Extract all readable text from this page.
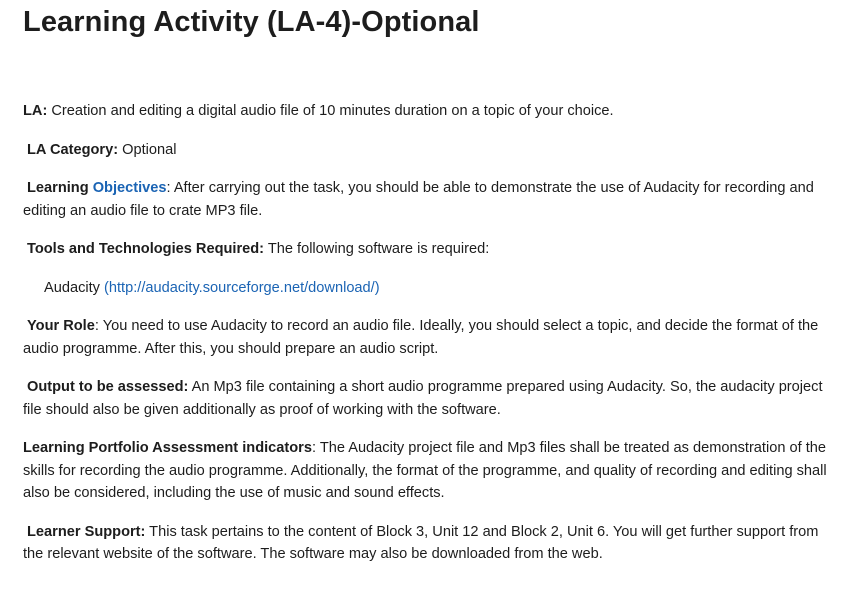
Learning Activity (LA-4)-Optional

LA: Creation and editing a digital audio file of 10 minutes duration on a topic of your choice.

LA Category: Optional

Learning Objectives: After carrying out the task, you should be able to demonstrate the use of Audacity for recording and editing an audio file to crate MP3 file.

Tools and Technologies Required: The following software is required:

Audacity (http://audacity.sourceforge.net/download/)

Your Role: You need to use Audacity to record an audio file. Ideally, you should select a topic, and decide the format of the audio programme. After this, you should prepare an audio script.

Output to be assessed: An Mp3 file containing a short audio programme prepared using Audacity. So, the audacity project file should also be given additionally as proof of working with the software.

Learning Portfolio Assessment indicators: The Audacity project file and Mp3 files shall be treated as demonstration of the skills for recording the audio programme. Additionally, the format of the programme, and quality of recording and editing shall also be considered, including the use of music and sound effects.

Learner Support: This task pertains to the content of Block 3, Unit 12 and Block 2, Unit 6. You will get further support from the relevant website of the software. The software may also be downloaded from the web.
